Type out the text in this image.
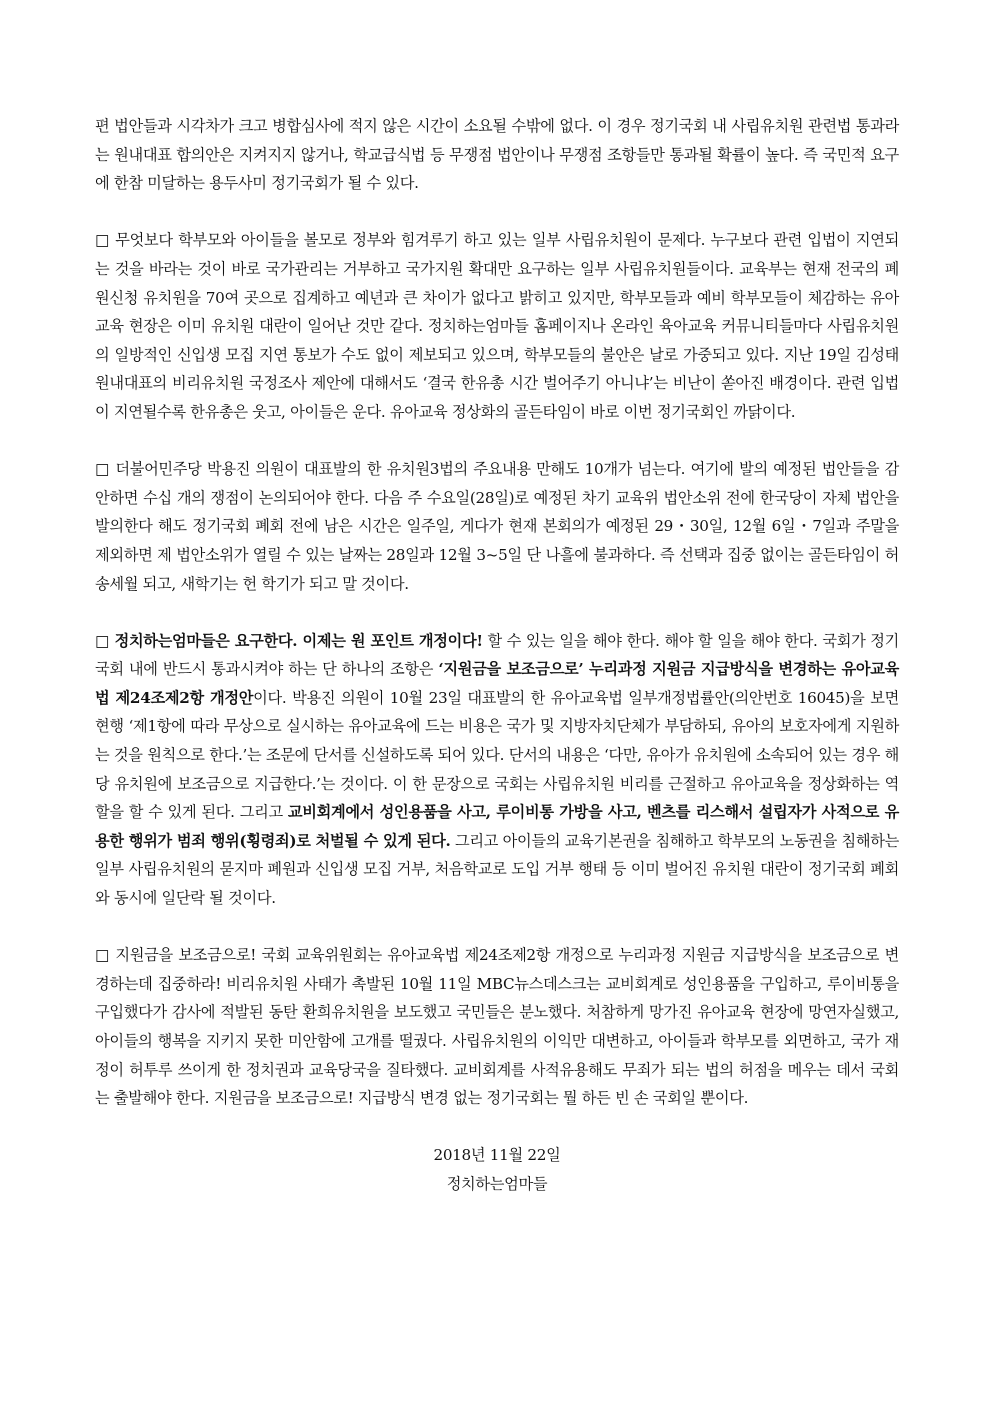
편 법안들과 시각차가 크고 병합심사에 적지 않은 시간이 소요될 수밖에 없다. 이 경우 정기국회 내 사립유치원 관련법 통과라는 원내대표 합의안은 지켜지지 않거나, 학교급식법 등 무쟁점 법안이나 무쟁점 조항들만 통과될 확률이 높다. 즉 국민적 요구에 한참 미달하는 용두사미 정기국회가 될 수 있다.

□ 무엇보다 학부모와 아이들을 볼모로 정부와 힘겨루기 하고 있는 일부 사립유치원이 문제다. 누구보다 관련 입법이 지연되는 것을 바라는 것이 바로 국가관리는 거부하고 국가지원 확대만 요구하는 일부 사립유치원들이다. 교육부는 현재 전국의 폐원신청 유치원을 70여 곳으로 집계하고 예년과 큰 차이가 없다고 밝히고 있지만, 학부모들과 예비 학부모들이 체감하는 유아교육 현장은 이미 유치원 대란이 일어난 것만 같다. 정치하는엄마들 홈페이지나 온라인 육아교육 커뮤니티들마다 사립유치원의 일방적인 신입생 모집 지연 통보가 수도 없이 제보되고 있으며, 학부모들의 불안은 날로 가중되고 있다. 지난 19일 김성태 원내대표의 비리유치원 국정조사 제안에 대해서도 ‘결국 한유총 시간 벌어주기 아니냐’는 비난이 쏟아진 배경이다. 관련 입법이 지연될수록 한유총은 웃고, 아이들은 운다. 유아교육 정상화의 골든타임이 바로 이번 정기국회인 까닭이다.

□ 더불어민주당 박용진 의원이 대표발의 한 유치원3법의 주요내용 만해도 10개가 넘는다. 여기에 발의 예정된 법안들을 감안하면 수십 개의 쟁점이 논의되어야 한다. 다음 주 수요일(28일)로 예정된 차기 교육위 법안소위 전에 한국당이 자체 법안을 발의한다 해도 정기국회 폐회 전에 남은 시간은 일주일, 게다가 현재 본회의가 예정된 29・30일, 12월 6일・7일과 주말을 제외하면 제 법안소위가 열릴 수 있는 날짜는 28일과 12월 3~5일 단 나흘에 불과하다. 즉 선택과 집중 없이는 골든타임이 허송세월 되고, 새학기는 헌 학기가 되고 말 것이다.

□ 정치하는엄마들은 요구한다. 이제는 원 포인트 개정이다! 할 수 있는 일을 해야 한다. 해야 할 일을 해야 한다. 국회가 정기국회 내에 반드시 통과시켜야 하는 단 하나의 조항은 ‘지원금을 보조금으로’ 누리과정 지원금 지급방식을 변경하는 유아교육법 제24조제2항 개정안이다. 박용진 의원이 10월 23일 대표발의 한 유아교육법 일부개정법률안(의안번호 16045)을 보면 현행 ‘제1항에 따라 무상으로 실시하는 유아교육에 드는 비용은 국가 및 지방자치단체가 부담하되, 유아의 보호자에게 지원하는 것을 원칙으로 한다.’는 조문에 단서를 신설하도록 되어 있다. 단서의 내용은 ‘다만, 유아가 유치원에 소속되어 있는 경우 해당 유치원에 보조금으로 지급한다.’는 것이다. 이 한 문장으로 국회는 사립유치원 비리를 근절하고 유아교육을 정상화하는 역할을 할 수 있게 된다. 그리고 교비회계에서 성인용품을 사고, 루이비통 가방을 사고, 벤츠를 리스해서 설립자가 사적으로 유용한 행위가 범죄 행위(횡령죄)로 처벌될 수 있게 된다. 그리고 아이들의 교육기본권을 침해하고 학부모의 노동권을 침해하는 일부 사립유치원의 묻지마 폐원과 신입생 모집 거부, 처음학교로 도입 거부 행태 등 이미 벌어진 유치원 대란이 정기국회 폐회와 동시에 일단락 될 것이다.

□ 지원금을 보조금으로! 국회 교육위원회는 유아교육법 제24조제2항 개정으로 누리과정 지원금 지급방식을 보조금으로 변경하는데 집중하라! 비리유치원 사태가 촉발된 10월 11일 MBC뉴스데스크는 교비회계로 성인용품을 구입하고, 루이비통을 구입했다가 감사에 적발된 동탄 환희유치원을 보도했고 국민들은 분노했다. 처참하게 망가진 유아교육 현장에 망연자실했고, 아이들의 행복을 지키지 못한 미안함에 고개를 떨궜다. 사립유치원의 이익만 대변하고, 아이들과 학부모를 외면하고, 국가 재정이 허투루 쓰이게 한 정치권과 교육당국을 질타했다. 교비회계를 사적유용해도 무죄가 되는 법의 허점을 메우는 데서 국회는 출발해야 한다. 지원금을 보조금으로! 지급방식 변경 없는 정기국회는 뭘 하든 빈 손 국회일 뿐이다.

2018년 11월 22일

정치하는엄마들
